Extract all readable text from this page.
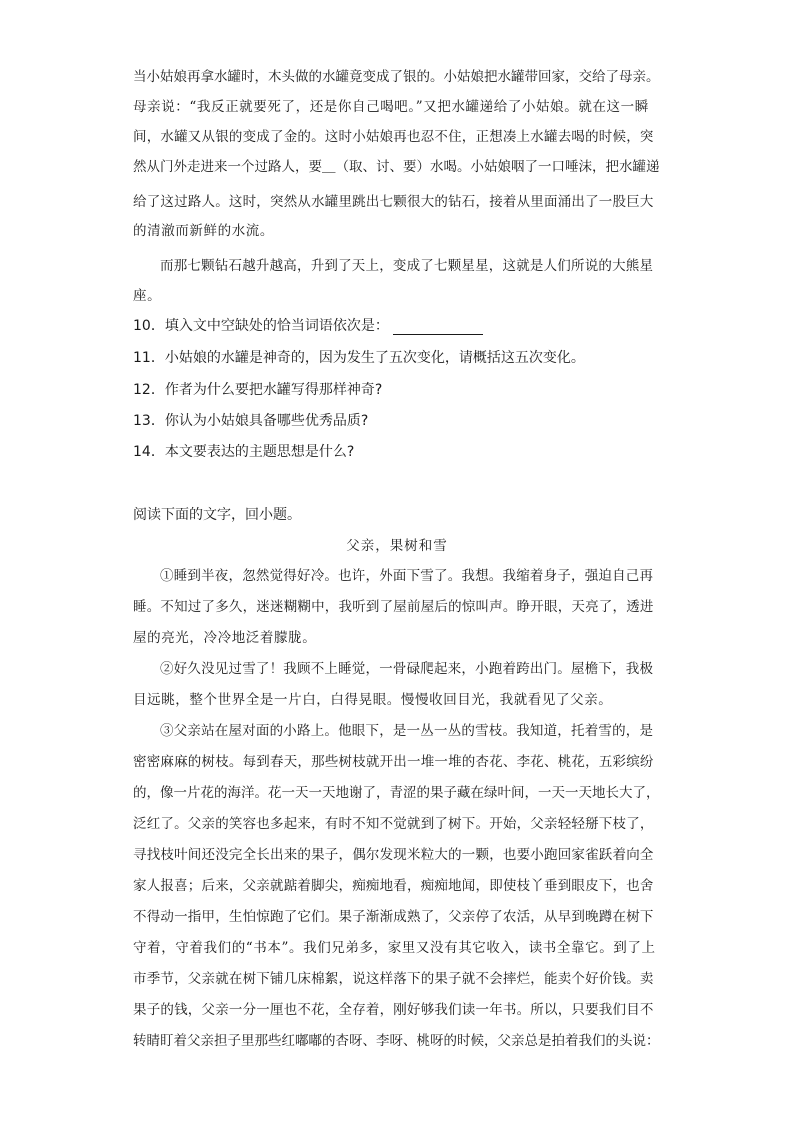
当小姑娘再拿水罐时，木头做的水罐竟变成了银的。小姑娘把水罐带回家，交给了母亲。
母亲说：“我反正就要死了，还是你自己喝吧。”又把水罐递给了小姑娘。就在这一瞬
间，水罐又从银的变成了金的。这时小姑娘再也忍不住，正想凑上水罐去喝的时候，突
然从门外走进来一个过路人，要＿（取、讨、要）水喝。小姑娘咽了一口唾沫，把水罐递
给了这过路人。这时，突然从水罐里跳出七颗很大的钻石，接着从里面涌出了一股巨大
的清澈而新鲜的水流。
而那七颗钻石越升越高，升到了天上，变成了七颗星星，这就是人们所说的大熊星
座。
10．填入文中空缺处的恰当词语依次是：
11．小姑娘的水罐是神奇的，因为发生了五次变化，请概括这五次变化。
12．作者为什么要把水罐写得那样神奇?
13．你认为小姑娘具备哪些优秀品质?
14．本文要表达的主题思想是什么?
阅读下面的文字，回小题。
父亲，果树和雪
①睡到半夜，忽然觉得好冷。也许，外面下雪了。我想。我缩着身子，强迫自己再
睡。不知过了多久，迷迷糊糊中，我听到了屋前屋后的惊叫声。睁开眼，天亮了，透进
屋的亮光，冷冷地泛着朦胧。
②好久没见过雪了！我顾不上睡觉，一骨碌爬起来，小跑着跨出门。屋檐下，我极
目远眺，整个世界全是一片白，白得晃眼。慢慢收回目光，我就看见了父亲。
③父亲站在屋对面的小路上。他眼下，是一丛一丛的雪枝。我知道，托着雪的，是
密密麻麻的树枝。每到春天，那些树枝就开出一堆一堆的杏花、李花、桃花，五彩缤纷
的，像一片花的海洋。花一天一天地谢了，青涩的果子藏在绿叶间，一天一天地长大了，
泛红了。父亲的笑容也多起来，有时不知不觉就到了树下。开始，父亲轻轻掰下枝了，
寻找枝叶间还没完全长出来的果子，偶尔发现米粒大的一颗，也要小跑回家雀跃着向全
家人报喜；后来，父亲就踮着脚尖，痴痴地看，痴痴地闻，即使枝丫垂到眼皮下，也舍
不得动一指甲，生怕惊跑了它们。果子渐渐成熟了，父亲停了农活，从早到晚蹲在树下
守着，守着我们的“书本”。我们兄弟多，家里又没有其它收入，读书全靠它。到了上
市季节，父亲就在树下铺几床棉絮，说这样落下的果子就不会摔烂，能卖个好价钱。卖
果子的钱，父亲一分一厘也不花，全存着，刚好够我们读一年书。所以，只要我们目不
转睛盯着父亲担子里那些红嘟嘟的杏呀、李呀、桃呀的时候，父亲总是拍着我们的头说：
